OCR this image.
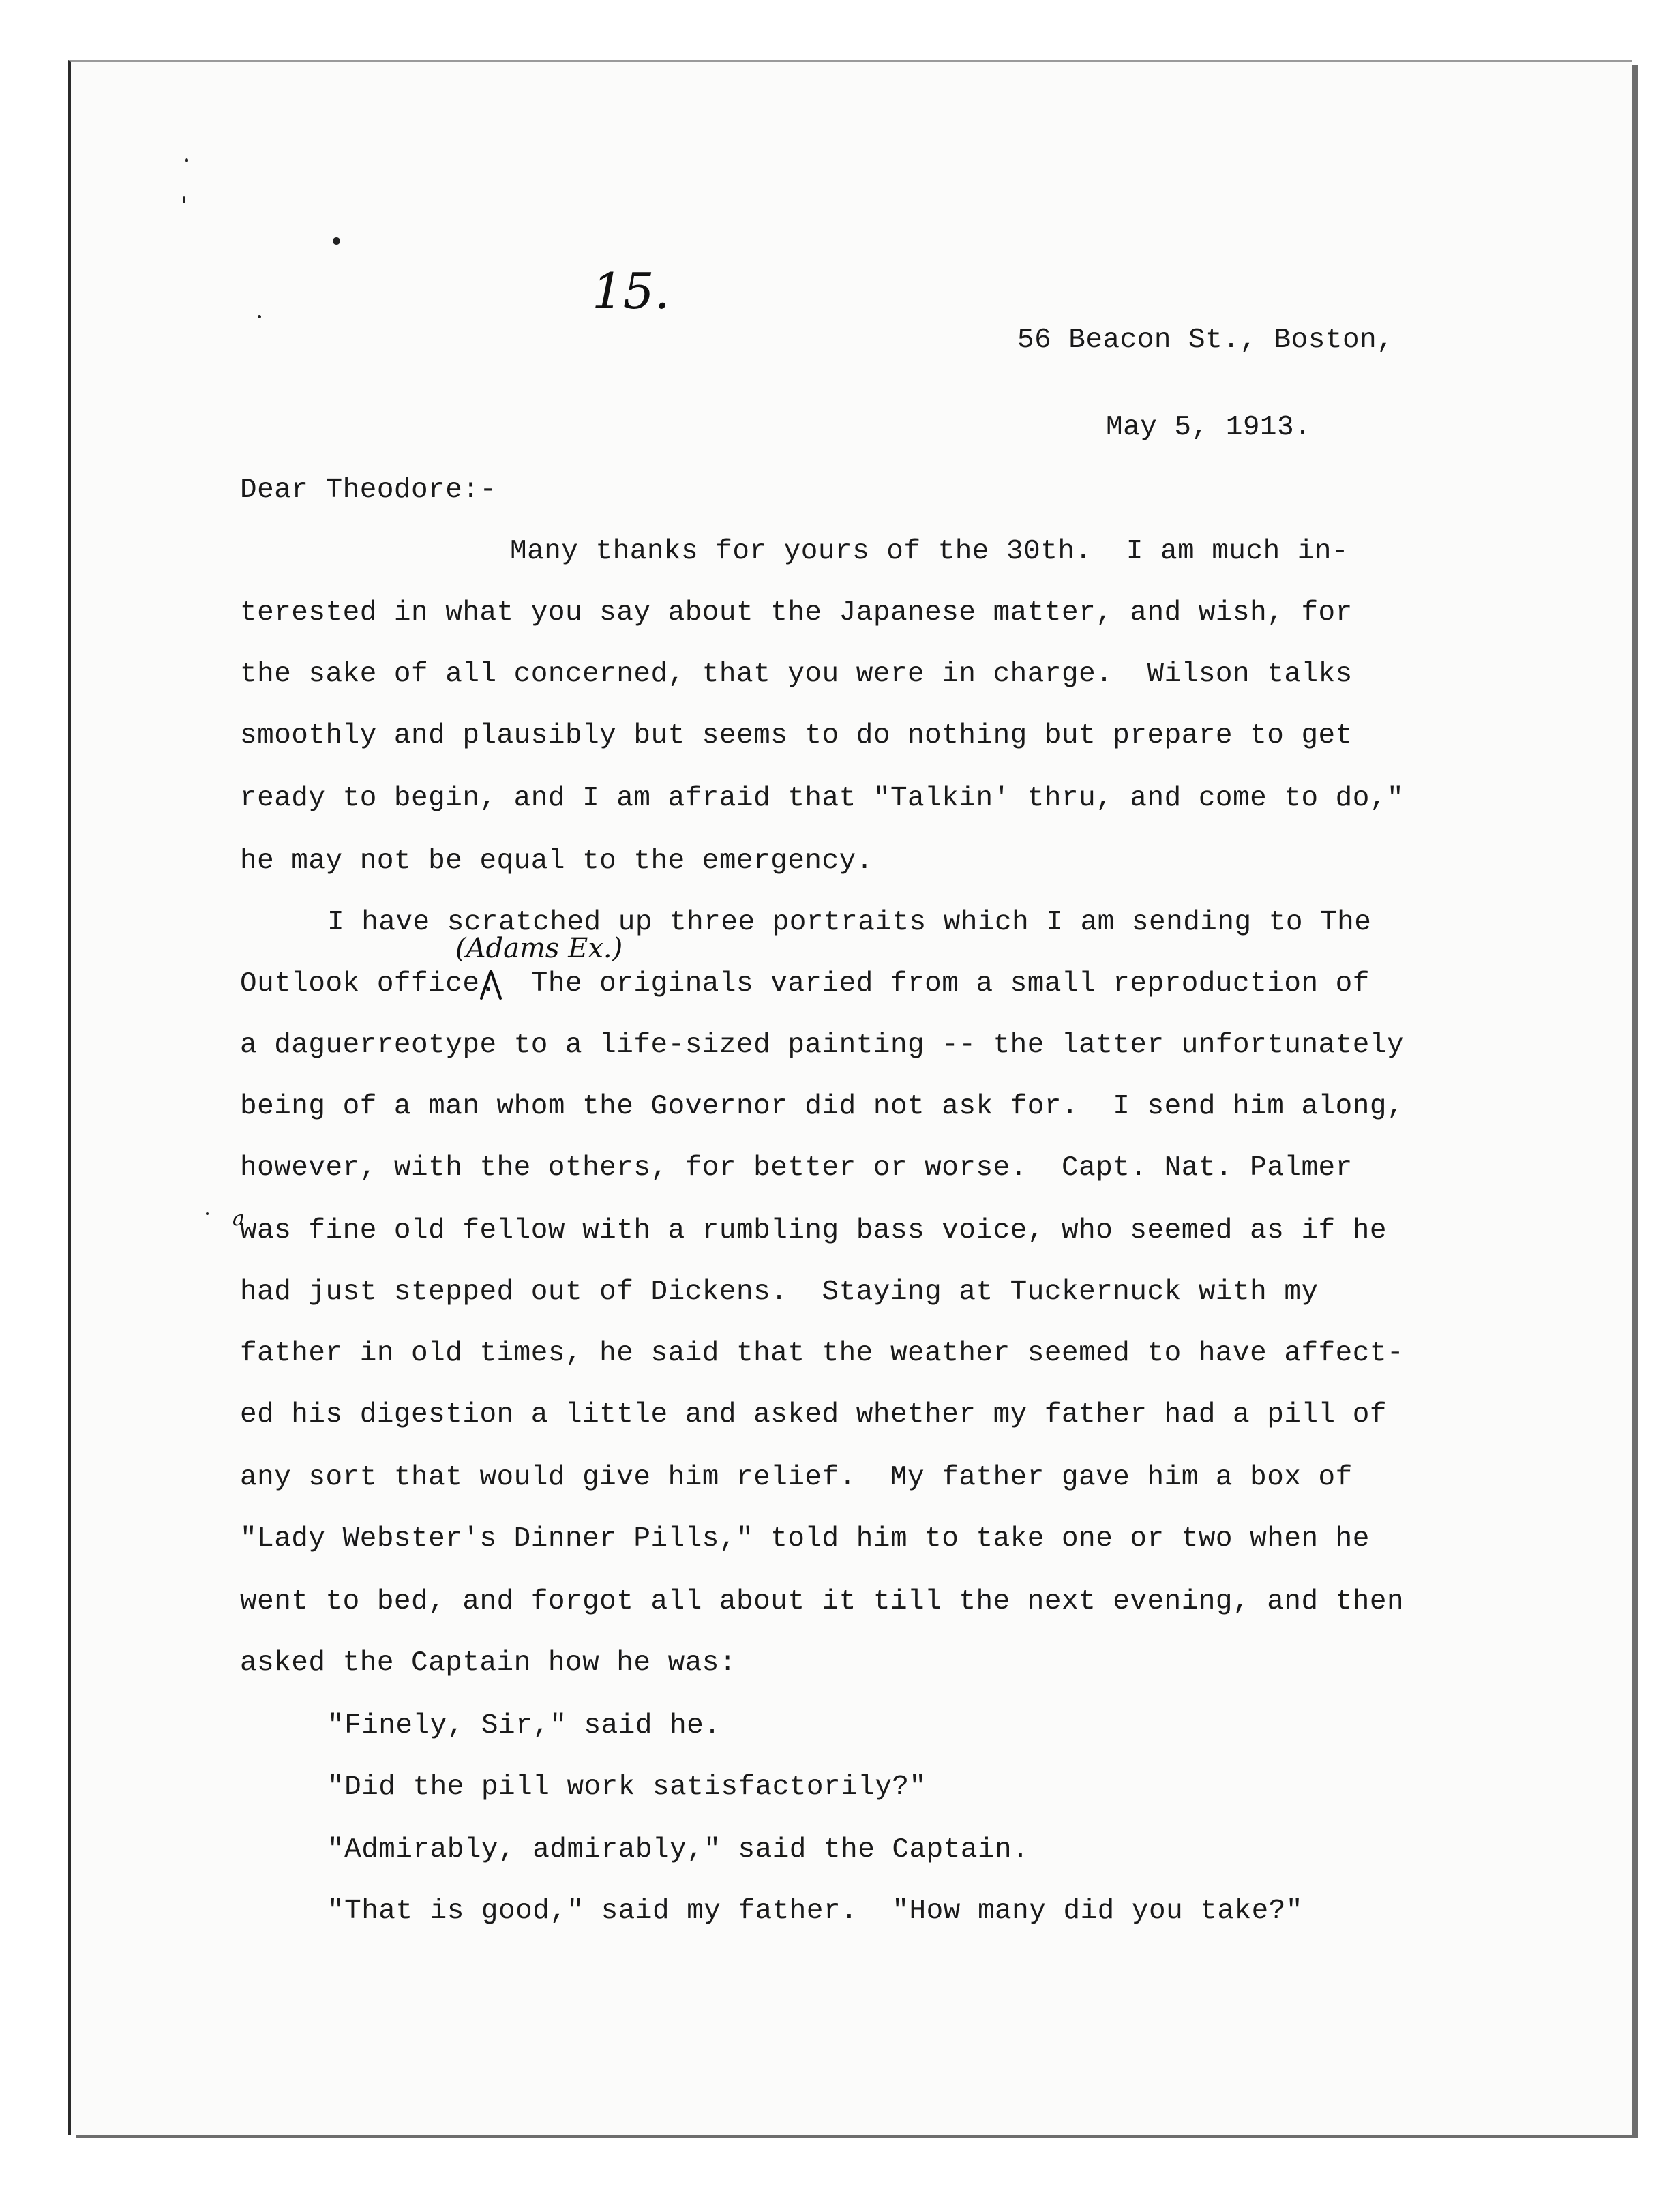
15.
56 Beacon St., Boston,
May 5, 1913.
Dear Theodore:-
Many thanks for yours of the 30th.  I am much in-
terested in what you say about the Japanese matter, and wish, for
the sake of all concerned, that you were in charge.  Wilson talks
smoothly and plausibly but seems to do nothing but prepare to get
ready to begin, and I am afraid that "Talkin' thru, and come to do,"
he may not be equal to the emergency.
I have scratched up three portraits which I am sending to The
(Adams Ex.)
Outlook office.  The originals varied from a small reproduction of
a daguerreotype to a life-sized painting -- the latter unfortunately
being of a man whom the Governor did not ask for.  I send him along,
however, with the others, for better or worse.  Capt. Nat. Palmer
a
was fine old fellow with a rumbling bass voice, who seemed as if he
had just stepped out of Dickens.  Staying at Tuckernuck with my
father in old times, he said that the weather seemed to have affect-
ed his digestion a little and asked whether my father had a pill of
any sort that would give him relief.  My father gave him a box of
"Lady Webster's Dinner Pills," told him to take one or two when he
went to bed, and forgot all about it till the next evening, and then
asked the Captain how he was:
"Finely, Sir," said he.
"Did the pill work satisfactorily?"
"Admirably, admirably," said the Captain.
"That is good," said my father.  "How many did you take?"
